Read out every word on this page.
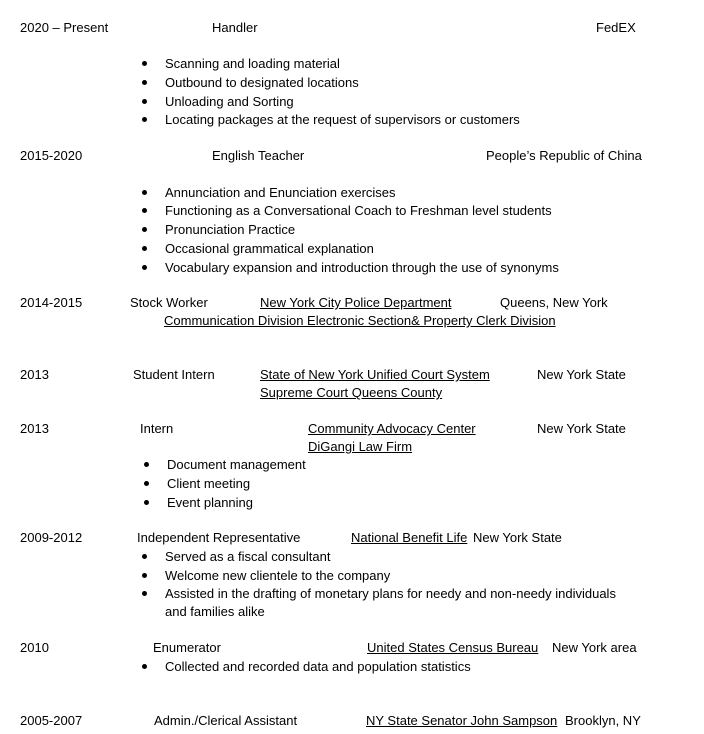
2020 – Present	Handler	FedEX
Scanning and loading material
Outbound to designated locations
Unloading and Sorting
Locating packages at the request of supervisors or customers
2015-2020	English Teacher	People’s Republic of China
Annunciation and Enunciation exercises
Functioning as a Conversational Coach to Freshman level students
Pronunciation Practice
Occasional grammatical explanation
Vocabulary expansion and introduction through the use of synonyms
2014-2015	Stock Worker	New York City Police Department	Queens, New York
Communication Division Electronic Section& Property Clerk Division
2013	Student Intern	State of New York Unified Court System	New York State
Supreme Court Queens County
2013	Intern	Community Advocacy Center	New York State
DiGangi Law Firm
Document management
Client meeting
Event planning
2009-2012	Independent Representative	National Benefit Life New York State
Served as a fiscal consultant
Welcome new clientele to the company
Assisted in the drafting of monetary plans for needy and non-needy individuals
and families alike
2010	Enumerator	United States Census Bureau New York area
Collected and recorded data and population statistics
2005-2007	Admin./Clerical Assistant	NY State Senator John Sampson Brooklyn, NY
